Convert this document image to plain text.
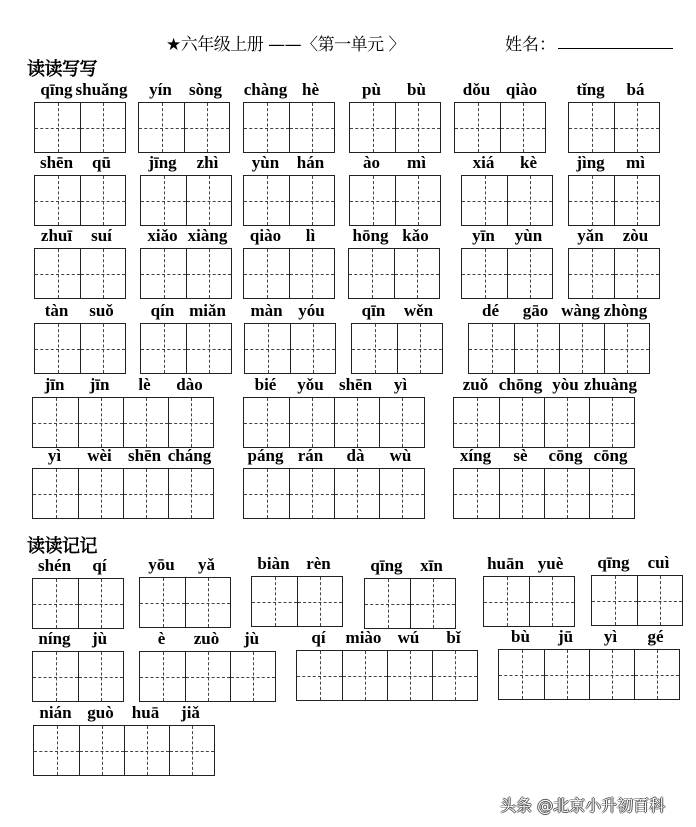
★六年级上册 ——〈第一单元 〉	姓名：
读读写写
读读记记
qīng shuǎng	yín	sòng	chàng hè	pù	bù	dǒu qiào	tǐng	bá
shēn	qū	jīng	zhì	yùn	hán	ào	mì	xiá	kè	jìng	mì
zhuī	suí	xiǎo xiàng	qiào	lì	hōng kǎo	yīn	yùn	yǎn	zòu
tàn	suǒ	qín miǎn	màn yóu	qīn	wěn	dé	gāo wàng zhòng
jīn	jīn	lè	dào	bié	yǒu shēn	yì	zuǒ chōng yòu zhuàng
yì	wèi shēn cháng páng rán	dà	wù	xíng	sè	cōng cōng
shén	qí	yōu	yǎ	biàn rèn	qīng	xīn	huān yuè	qīng	cuì
níng	jù	è	zuò	jù	qí	miào wú	bǐ	bù	jū	yì	gé
nián guò	huā	jiǎ
头条 @北京小升初百科
